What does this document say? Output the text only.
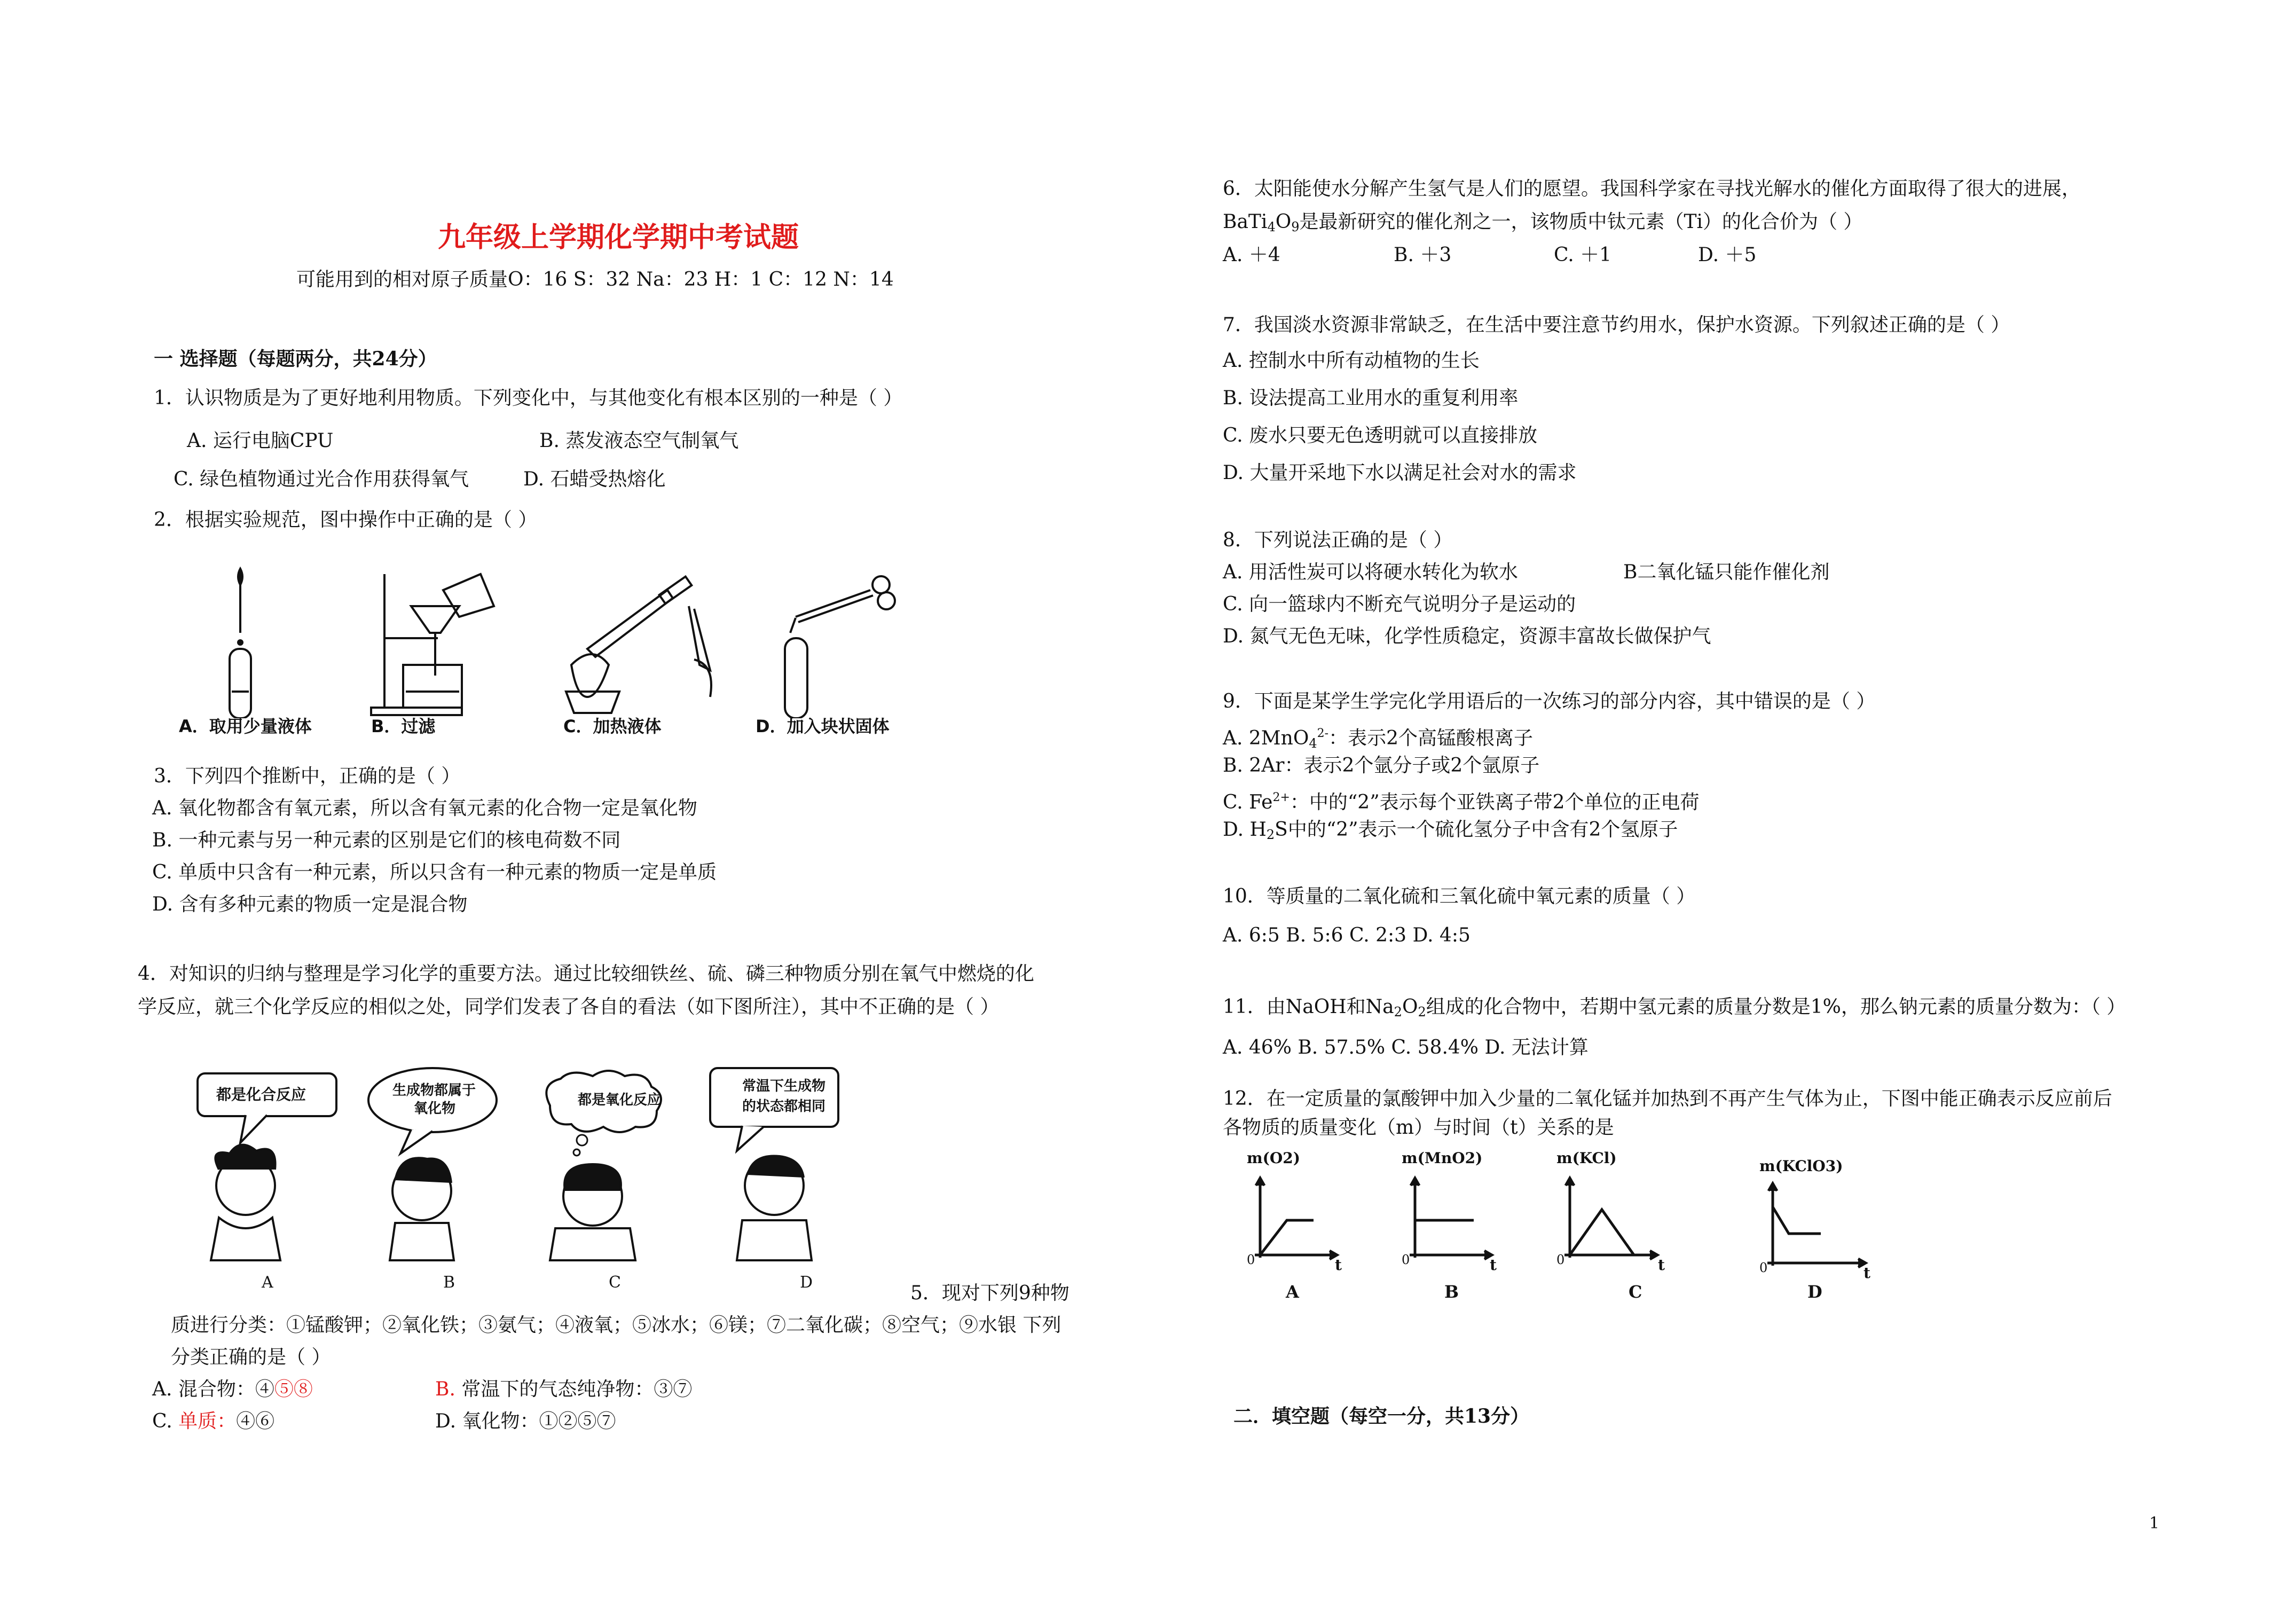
九年级上学期化学期中考试题
可能用到的相对原子质量O：16 S：32 Na：23 H：1 C：12 N：14
一 选择题（每题两分，共24分）
1．认识物质是为了更好地利用物质。下列变化中，与其他变化有根本区别的一种是（ ）
A. 运行电脑CPU	B. 蒸发液态空气制氧气
C. 绿色植物通过光合作用获得氧气	D. 石蜡受热熔化
2．根据实验规范，图中操作中正确的是（ ）
A．取用少量液体	B．过滤	C．加热液体	D．加入块状固体
3．下列四个推断中，正确的是（ ）
A. 氧化物都含有氧元素，所以含有氧元素的化合物一定是氧化物
B. 一种元素与另一种元素的区别是它们的核电荷数不同
C. 单质中只含有一种元素，所以只含有一种元素的物质一定是单质
D. 含有多种元素的物质一定是混合物
4．对知识的归纳与整理是学习化学的重要方法。通过比较细铁丝、硫、磷三种物质分别在氧气中燃烧的化
学反应，就三个化学反应的相似之处，同学们发表了各自的看法（如下图所注），其中不正确的是（ ）
都是化合反应	生成物都属于
氧化物
都是氧化反应
常温下生成物
的状态都相同
A	B	C	D	5．现对下列9种物
质进行分类：①锰酸钾；②氧化铁；③氨气；④液氧；⑤冰水；⑥镁；⑦二氧化碳；⑧空气；⑨水银 下列
分类正确的是（ ）
A. 混合物：④⑤⑧	B. 常温下的气态纯净物：③⑦
C. 单质：④⑥	D. 氧化物：①②⑤⑦
6．太阳能使水分解产生氢气是人们的愿望。我国科学家在寻找光解水的催化方面取得了很大的进展，
$BaTi_4O_9$是最新研究的催化剂之一，该物质中钛元素（Ti）的化合价为（ ）
A. ＋4	B. ＋3	C. ＋1	D. ＋5
7．我国淡水资源非常缺乏，在生活中要注意节约用水，保护水资源。下列叙述正确的是（ ）
A. 控制水中所有动植物的生长
B. 设法提高工业用水的重复利用率
C. 废水只要无色透明就可以直接排放
D. 大量开采地下水以满足社会对水的需求
8．下列说法正确的是（ ）
A. 用活性炭可以将硬水转化为软水	B二氧化锰只能作催化剂
C. 向一篮球内不断充气说明分子是运动的
D. 氮气无色无味，化学性质稳定，资源丰富故长做保护气
9．下面是某学生学完化学用语后的一次练习的部分内容，其中错误的是（ ）
A. 2MnO$_4^{2-}$：表示2个高锰酸根离子
B. 2Ar：表示2个氩分子或2个氩原子
C. $Fe^{2+}$：中的“2”表示每个亚铁离子带2个单位的正电荷
D. $H_2S$中的“2”表示一个硫化氢分子中含有2个氢原子
10．等质量的二氧化硫和三氧化硫中氧元素的质量（ ）
A. 6:5 B. 5:6 C. 2:3 D. 4:5
11．由NaOH和$Na_2O_2$组成的化合物中，若期中氢元素的质量分数是1%，那么钠元素的质量分数为：（ ）
A. 46% B. 57.5% C. 58.4% D. 无法计算
12．在一定质量的氯酸钾中加入少量的二氧化锰并加热到不再产生气体为止，下图中能正确表示反应前后
各物质的质量变化（m）与时间（t）关系的是
m(O2)	m(MnO2)	m(KCl)	m(KClO3)
0	0	0
0
t	t	t	t
A	B	C	D
二．填空题（每空一分，共13分）
1
